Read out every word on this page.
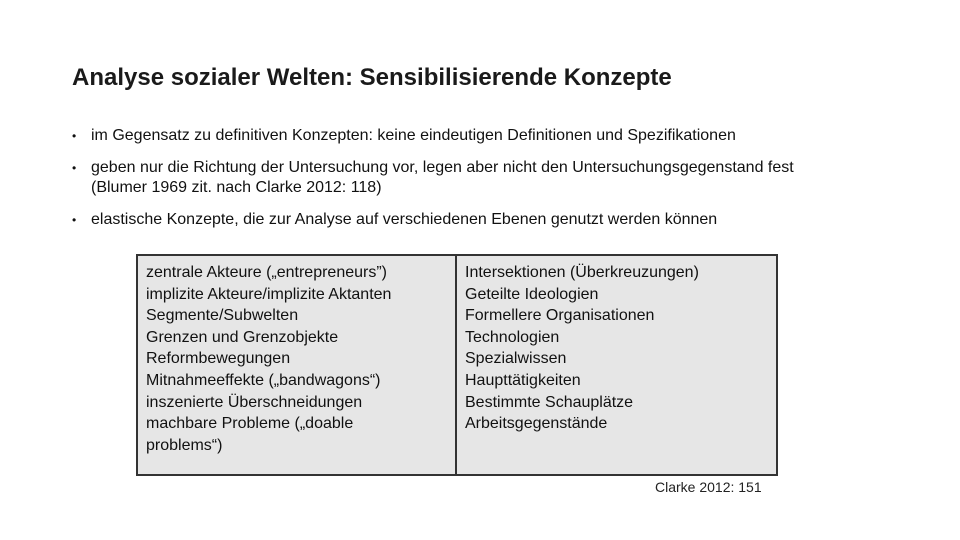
Analyse sozialer Welten: Sensibilisierende Konzepte
• im Gegensatz zu definitiven Konzepten: keine eindeutigen Definitionen und Spezifikationen
• geben nur die Richtung der Untersuchung vor, legen aber nicht den Untersuchungsgegenstand fest
(Blumer 1969 zit. nach Clarke 2012: 118)
• elastische Konzepte, die zur Analyse auf verschiedenen Ebenen genutzt werden können
zentrale Akteure („entrepreneurs”)
implizite Akteure/implizite Aktanten
Segmente/Subwelten
Grenzen und Grenzobjekte
Reformbewegungen
Mitnahmeeffekte („bandwagons“)
inszenierte Überschneidungen
machbare Probleme („doable
problems“)
Intersektionen (Überkreuzungen)
Geteilte Ideologien
Formellere Organisationen
Technologien
Spezialwissen
Haupttätigkeiten
Bestimmte Schauplätze
Arbeitsgegenstände
Clarke 2012: 151
